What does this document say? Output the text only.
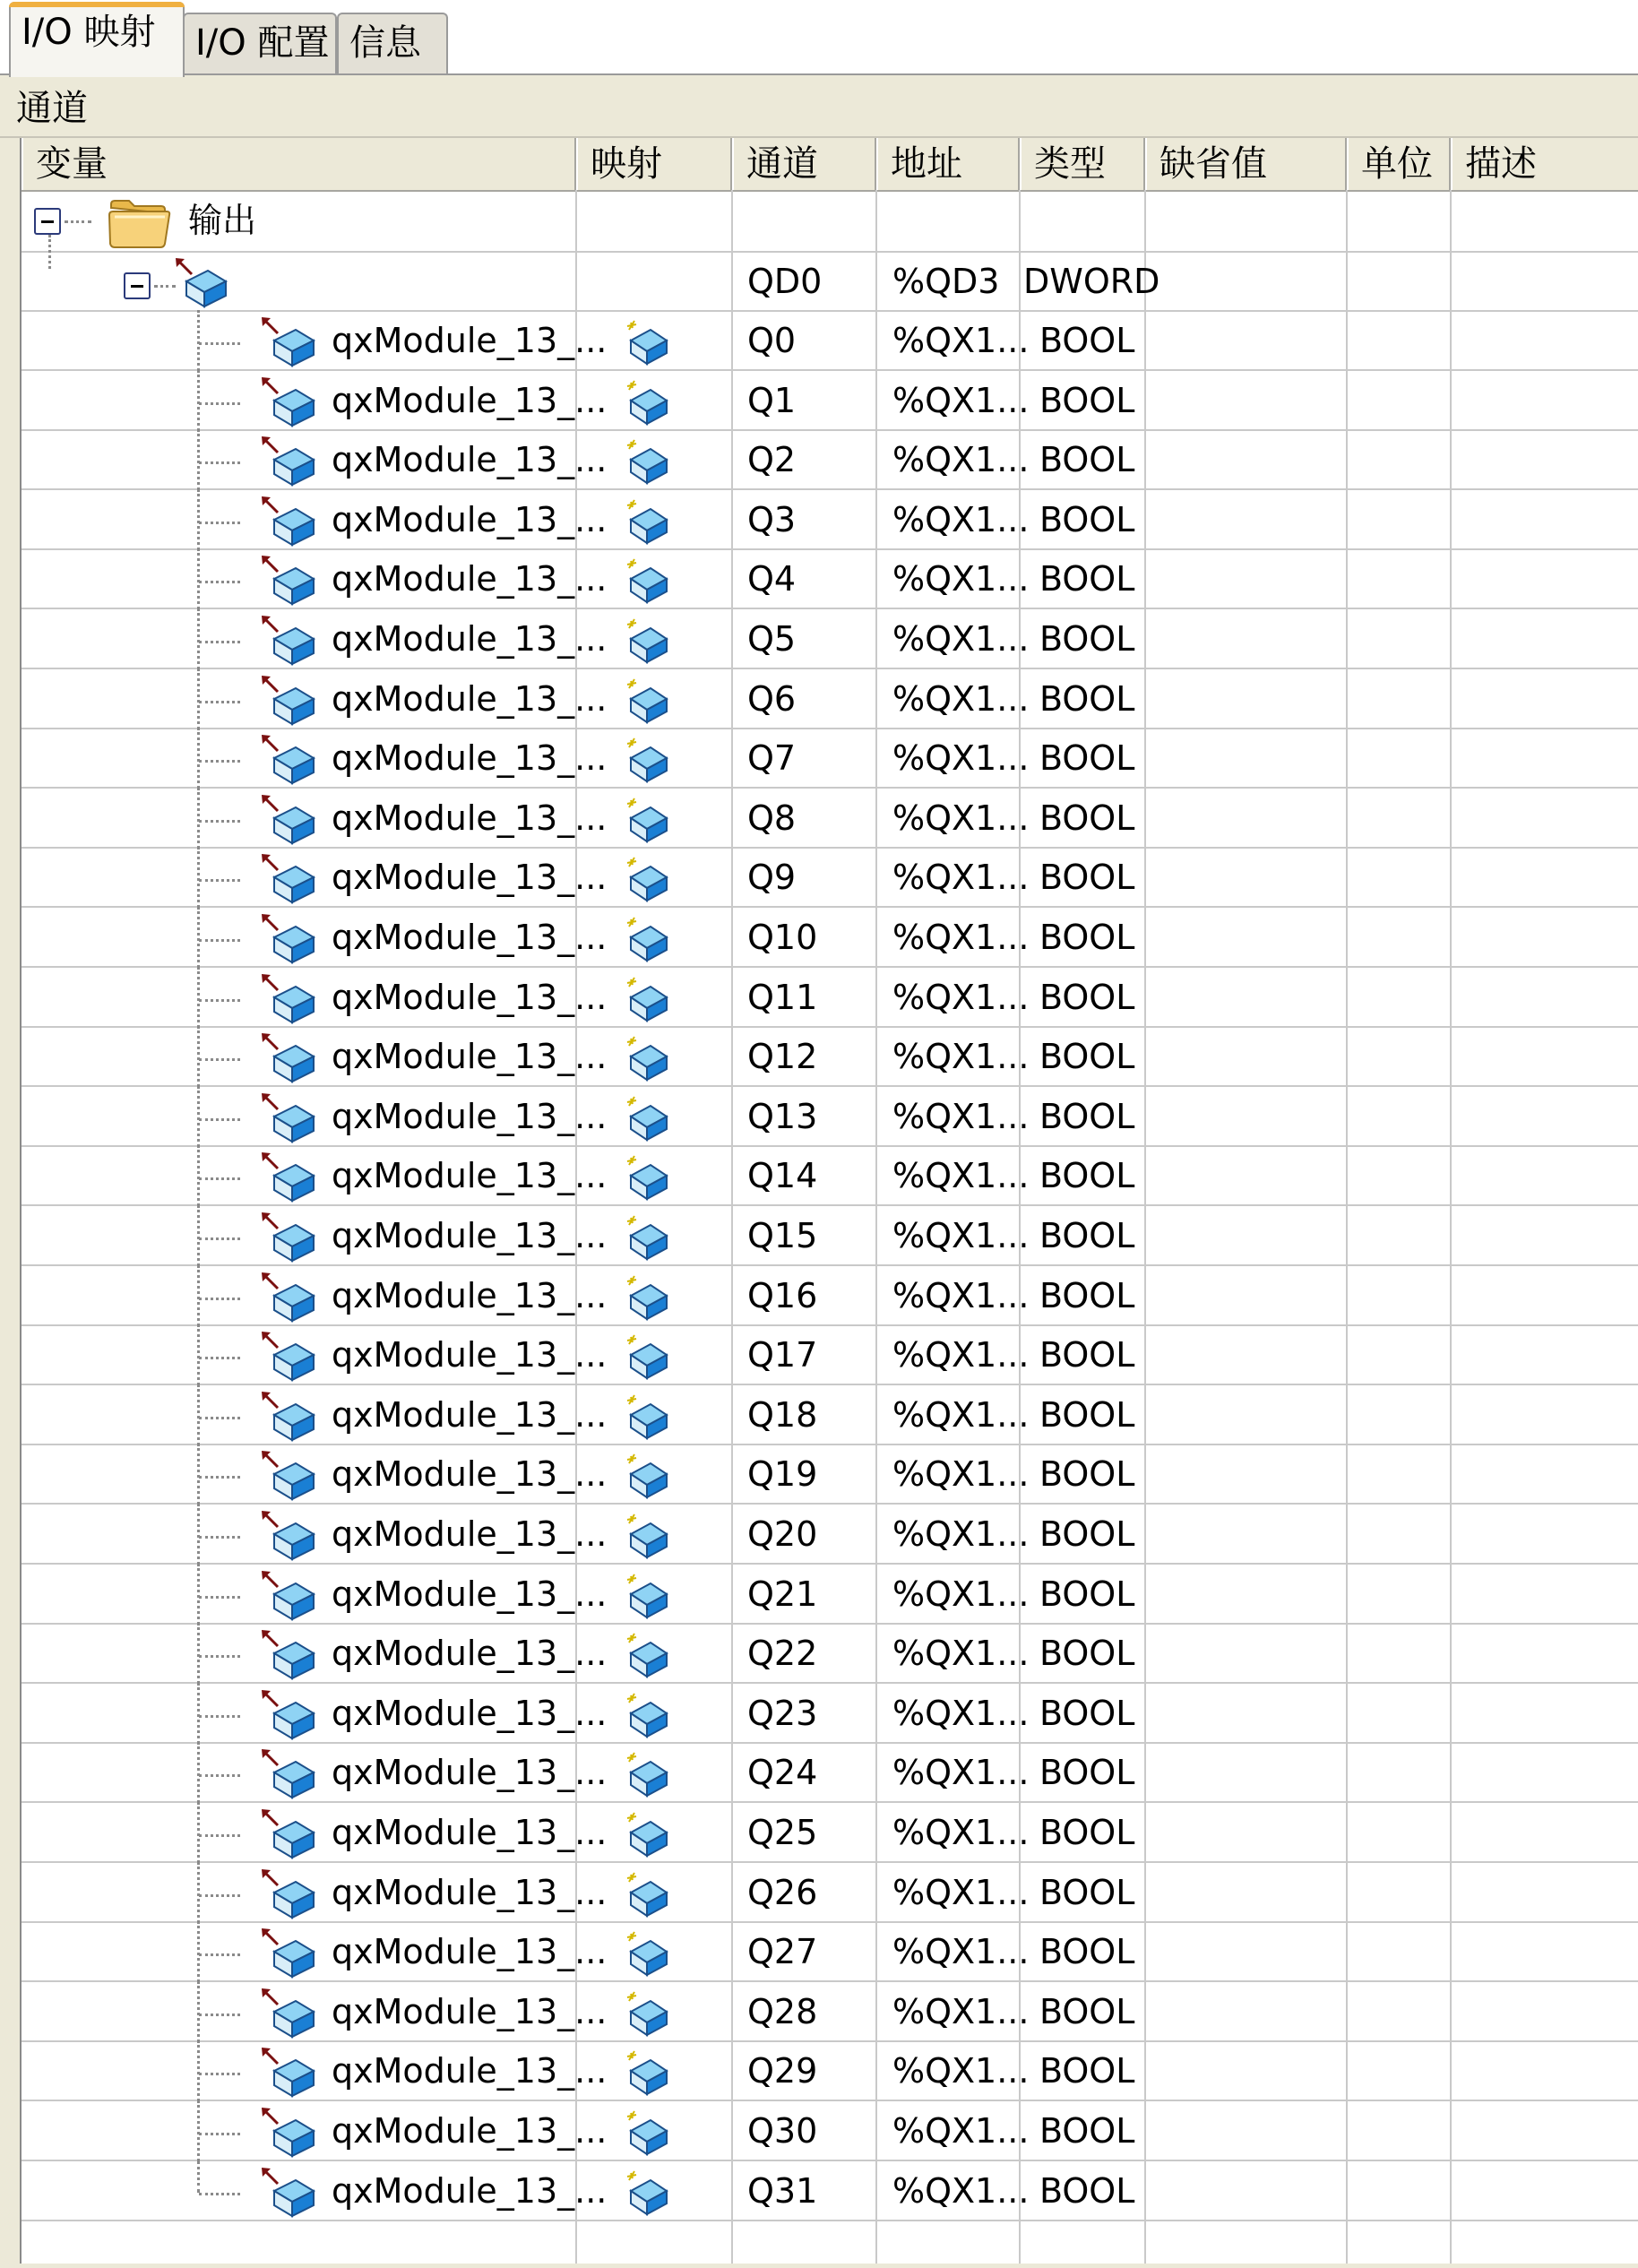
I/O 映射	I/O 配置 信息
通道
变量	映射	通道	地址	类型	缺省值	单位 描述
输出
QD0 %QD3 DWORD
qxModule_13_...	Q0	%QX1... BOOL
qxModule_13_...	Q1	%QX1... BOOL
qxModule_13_...	Q2	%QX1... BOOL
qxModule_13_...	Q3	%QX1... BOOL
qxModule_13_...	Q4	%QX1... BOOL
qxModule_13_...	Q5	%QX1... BOOL
qxModule_13_...	Q6	%QX1... BOOL
qxModule_13_...	Q7	%QX1... BOOL
qxModule_13_...	Q8	%QX1... BOOL
qxModule_13_...	Q9	%QX1... BOOL
qxModule_13_...	Q10 %QX1... BOOL
qxModule_13_...	Q11 %QX1... BOOL
qxModule_13_...	Q12 %QX1... BOOL
qxModule_13_...	Q13 %QX1... BOOL
qxModule_13_...	Q14 %QX1... BOOL
qxModule_13_...	Q15 %QX1... BOOL
qxModule_13_...	Q16 %QX1... BOOL
qxModule_13_...	Q17 %QX1... BOOL
qxModule_13_...	Q18 %QX1... BOOL
qxModule_13_...	Q19 %QX1... BOOL
qxModule_13_...	Q20 %QX1... BOOL
qxModule_13_...	Q21 %QX1... BOOL
qxModule_13_...	Q22 %QX1... BOOL
qxModule_13_...	Q23 %QX1... BOOL
qxModule_13_...	Q24 %QX1... BOOL
qxModule_13_...	Q25 %QX1... BOOL
qxModule_13_...	Q26 %QX1... BOOL
qxModule_13_...	Q27 %QX1... BOOL
qxModule_13_...	Q28 %QX1... BOOL
qxModule_13_...	Q29 %QX1... BOOL
qxModule_13_...	Q30 %QX1... BOOL
qxModule_13_...	Q31 %QX1... BOOL
